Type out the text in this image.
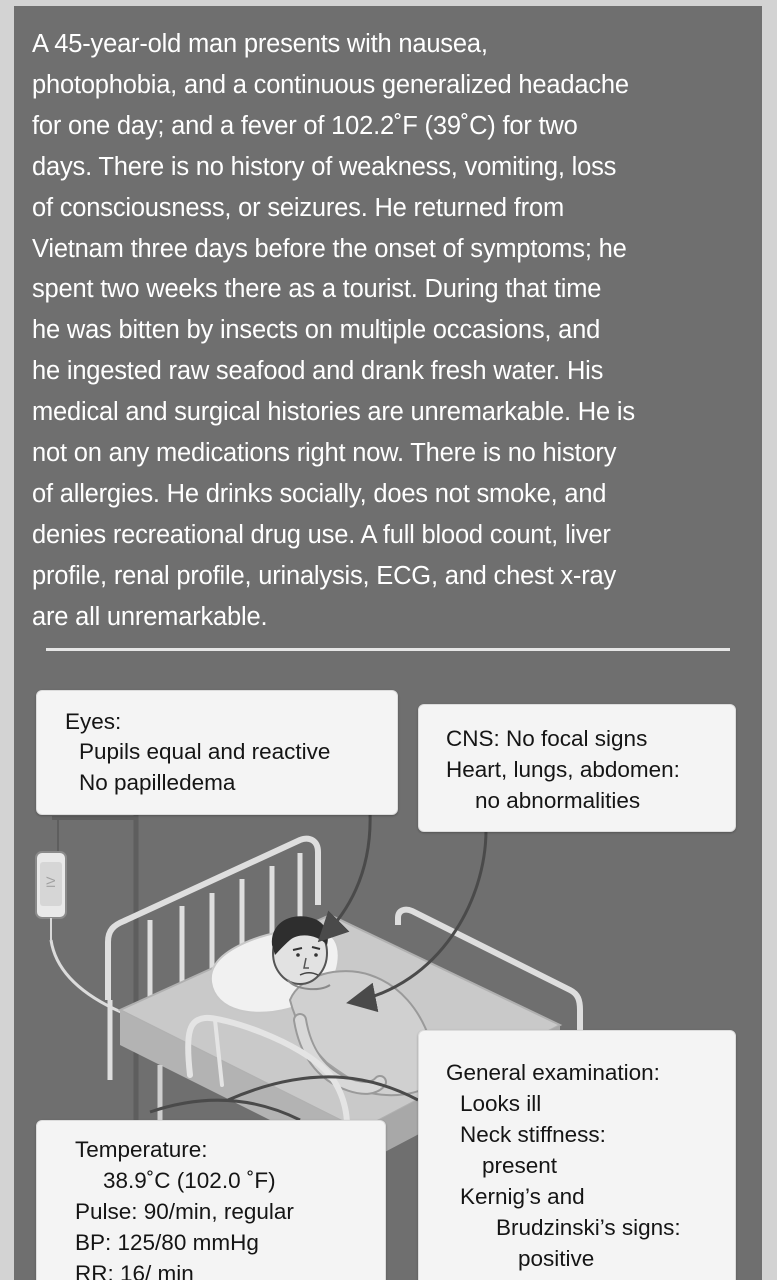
A 45-year-old man presents with nausea,
photophobia, and a continuous generalized headache
for one day; and a fever of 102.2˚F (39˚C) for two
days. There is no history of weakness, vomiting, loss
of consciousness, or seizures. He returned from
Vietnam three days before the onset of symptoms; he
spent two weeks there as a tourist. During that time
he was bitten by insects on multiple occasions, and
he ingested raw seafood and drank fresh water. His
medical and surgical histories are unremarkable. He is
not on any medications right now. There is no history
of allergies. He drinks socially, does not smoke, and
denies recreational drug use. A full blood count, liver
profile, renal profile, urinalysis, ECG, and chest x-ray
are all unremarkable.

IV
Eyes:
Pupils equal and reactive
No papilledema
CNS: No focal signs
Heart, lungs, abdomen:
no abnormalities
General examination:
Looks ill
Neck stiffness:
present
Kernig’s and
Brudzinski’s signs:
positive
Temperature:
38.9˚C (102.0 ˚F)
Pulse: 90/min, regular
BP: 125/80 mmHg
RR: 16/ min
